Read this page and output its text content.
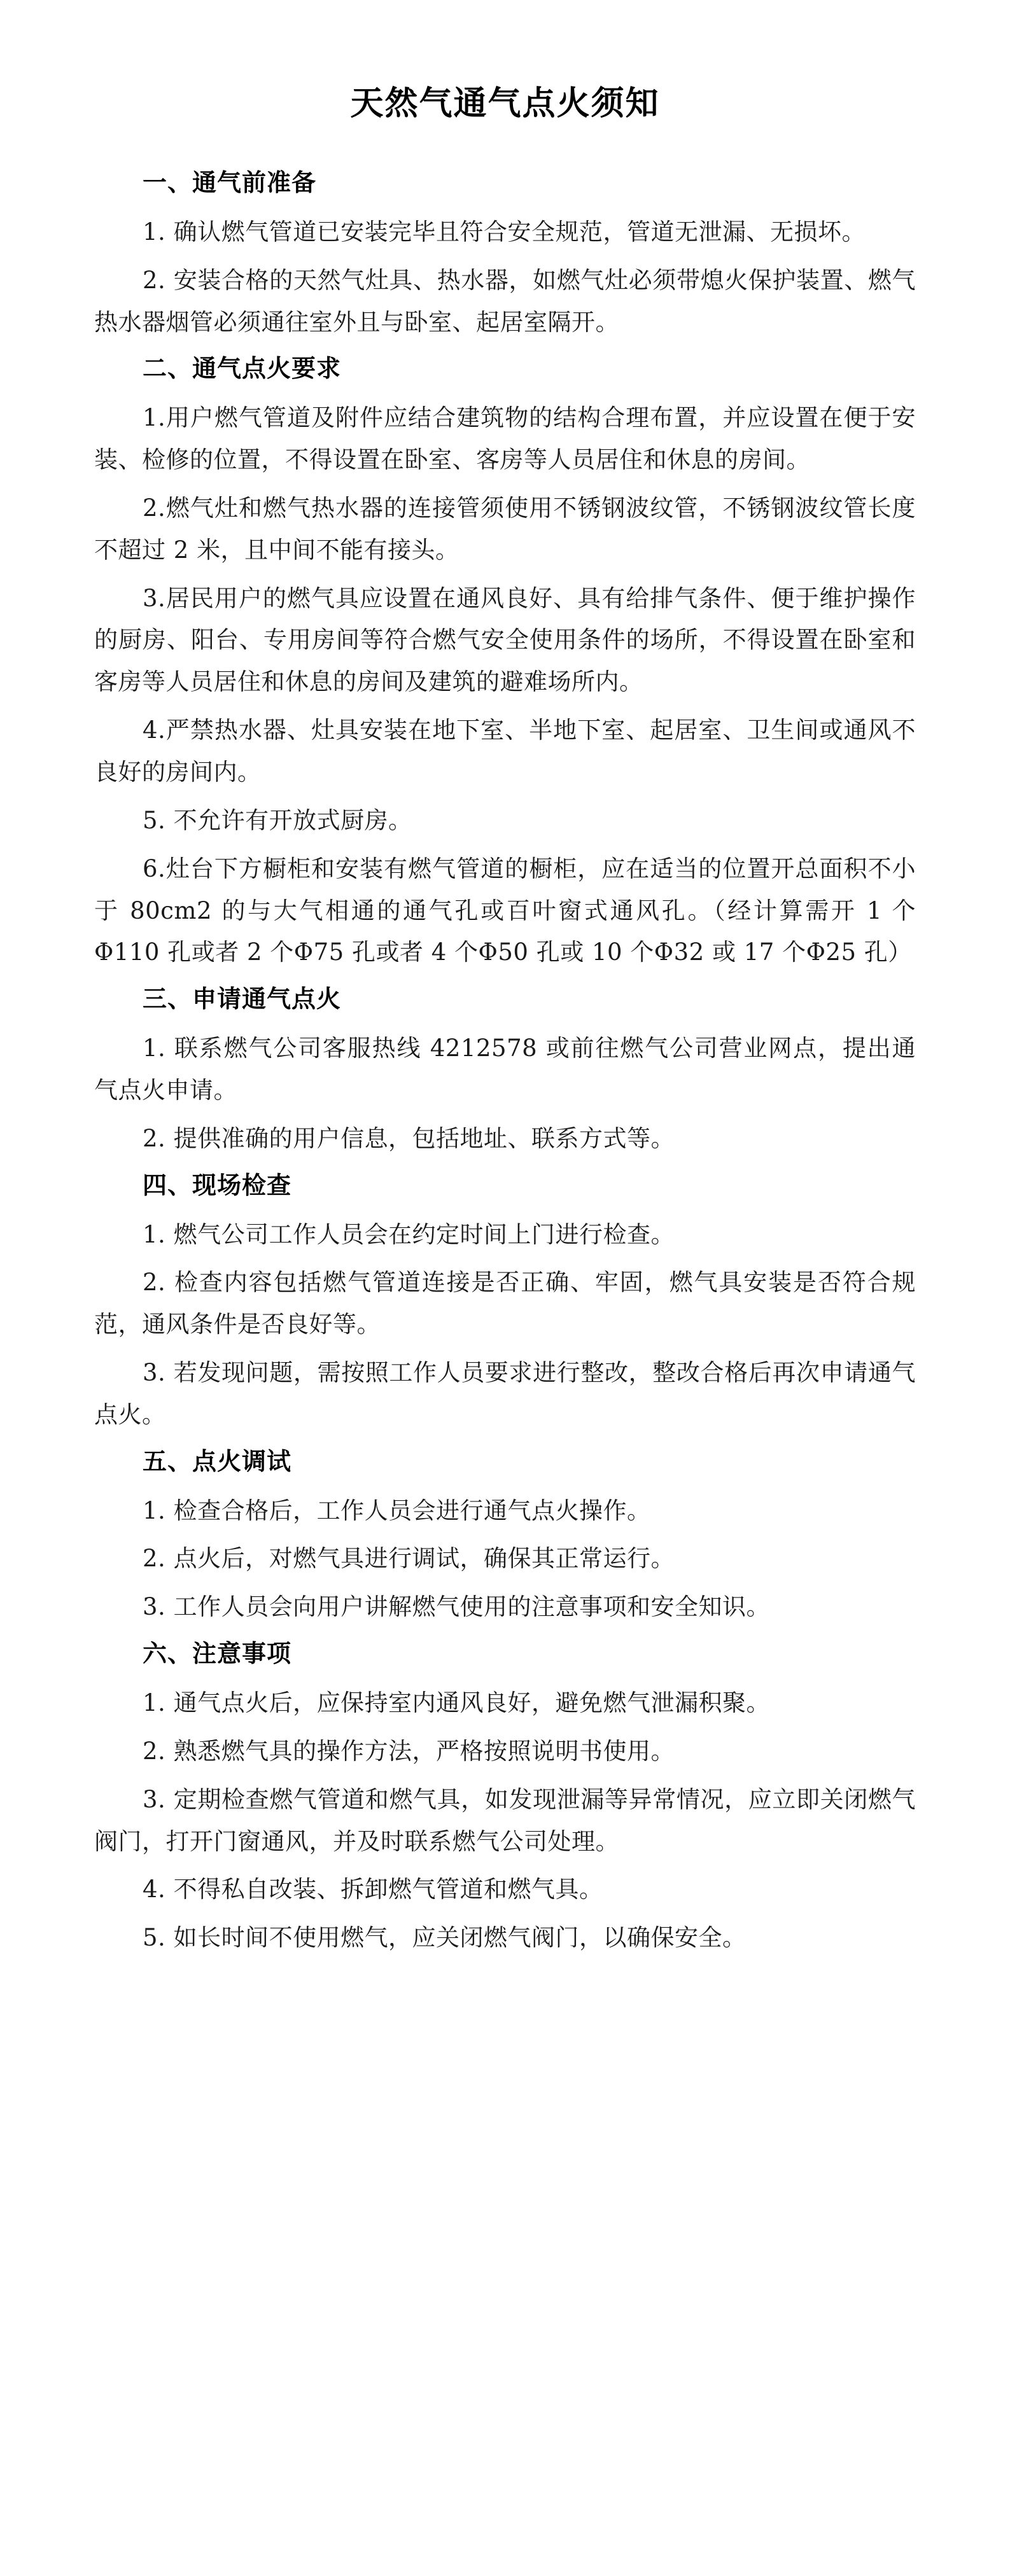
天然气通气点火须知
一、通气前准备

1. 确认燃气管道已安装完毕且符合安全规范，管道无泄漏、无损坏。

2. 安装合格的天然气灶具、热水器，如燃气灶必须带熄火保护装置、燃气热水器烟管必须通往室外且与卧室、起居室隔开。

二、通气点火要求

1.用户燃气管道及附件应结合建筑物的结构合理布置，并应设置在便于安装、检修的位置，不得设置在卧室、客房等人员居住和休息的房间。

2.燃气灶和燃气热水器的连接管须使用不锈钢波纹管，不锈钢波纹管长度不超过 2 米，且中间不能有接头。

3.居民用户的燃气具应设置在通风良好、具有给排气条件、便于维护操作的厨房、阳台、专用房间等符合燃气安全使用条件的场所，不得设置在卧室和客房等人员居住和休息的房间及建筑的避难场所内。

4.严禁热水器、灶具安装在地下室、半地下室、起居室、卫生间或通风不良好的房间内。

5. 不允许有开放式厨房。

6.灶台下方橱柜和安装有燃气管道的橱柜，应在适当的位置开总面积不小于 80cm2 的与大气相通的通气孔或百叶窗式通风孔。（经计算需开 1 个Φ110 孔或者 2 个Φ75 孔或者 4 个Φ50 孔或 10 个Φ32 或 17 个Φ25 孔）

三、申请通气点火

1. 联系燃气公司客服热线 4212578 或前往燃气公司营业网点，提出通气点火申请。

2. 提供准确的用户信息，包括地址、联系方式等。

四、现场检查

1. 燃气公司工作人员会在约定时间上门进行检查。

2. 检查内容包括燃气管道连接是否正确、牢固，燃气具安装是否符合规范，通风条件是否良好等。

3. 若发现问题，需按照工作人员要求进行整改，整改合格后再次申请通气点火。

五、点火调试

1. 检查合格后，工作人员会进行通气点火操作。

2. 点火后，对燃气具进行调试，确保其正常运行。

3. 工作人员会向用户讲解燃气使用的注意事项和安全知识。

六、注意事项

1. 通气点火后，应保持室内通风良好，避免燃气泄漏积聚。

2. 熟悉燃气具的操作方法，严格按照说明书使用。

3. 定期检查燃气管道和燃气具，如发现泄漏等异常情况，应立即关闭燃气阀门，打开门窗通风，并及时联系燃气公司处理。

4. 不得私自改装、拆卸燃气管道和燃气具。

5. 如长时间不使用燃气，应关闭燃气阀门，以确保安全。
